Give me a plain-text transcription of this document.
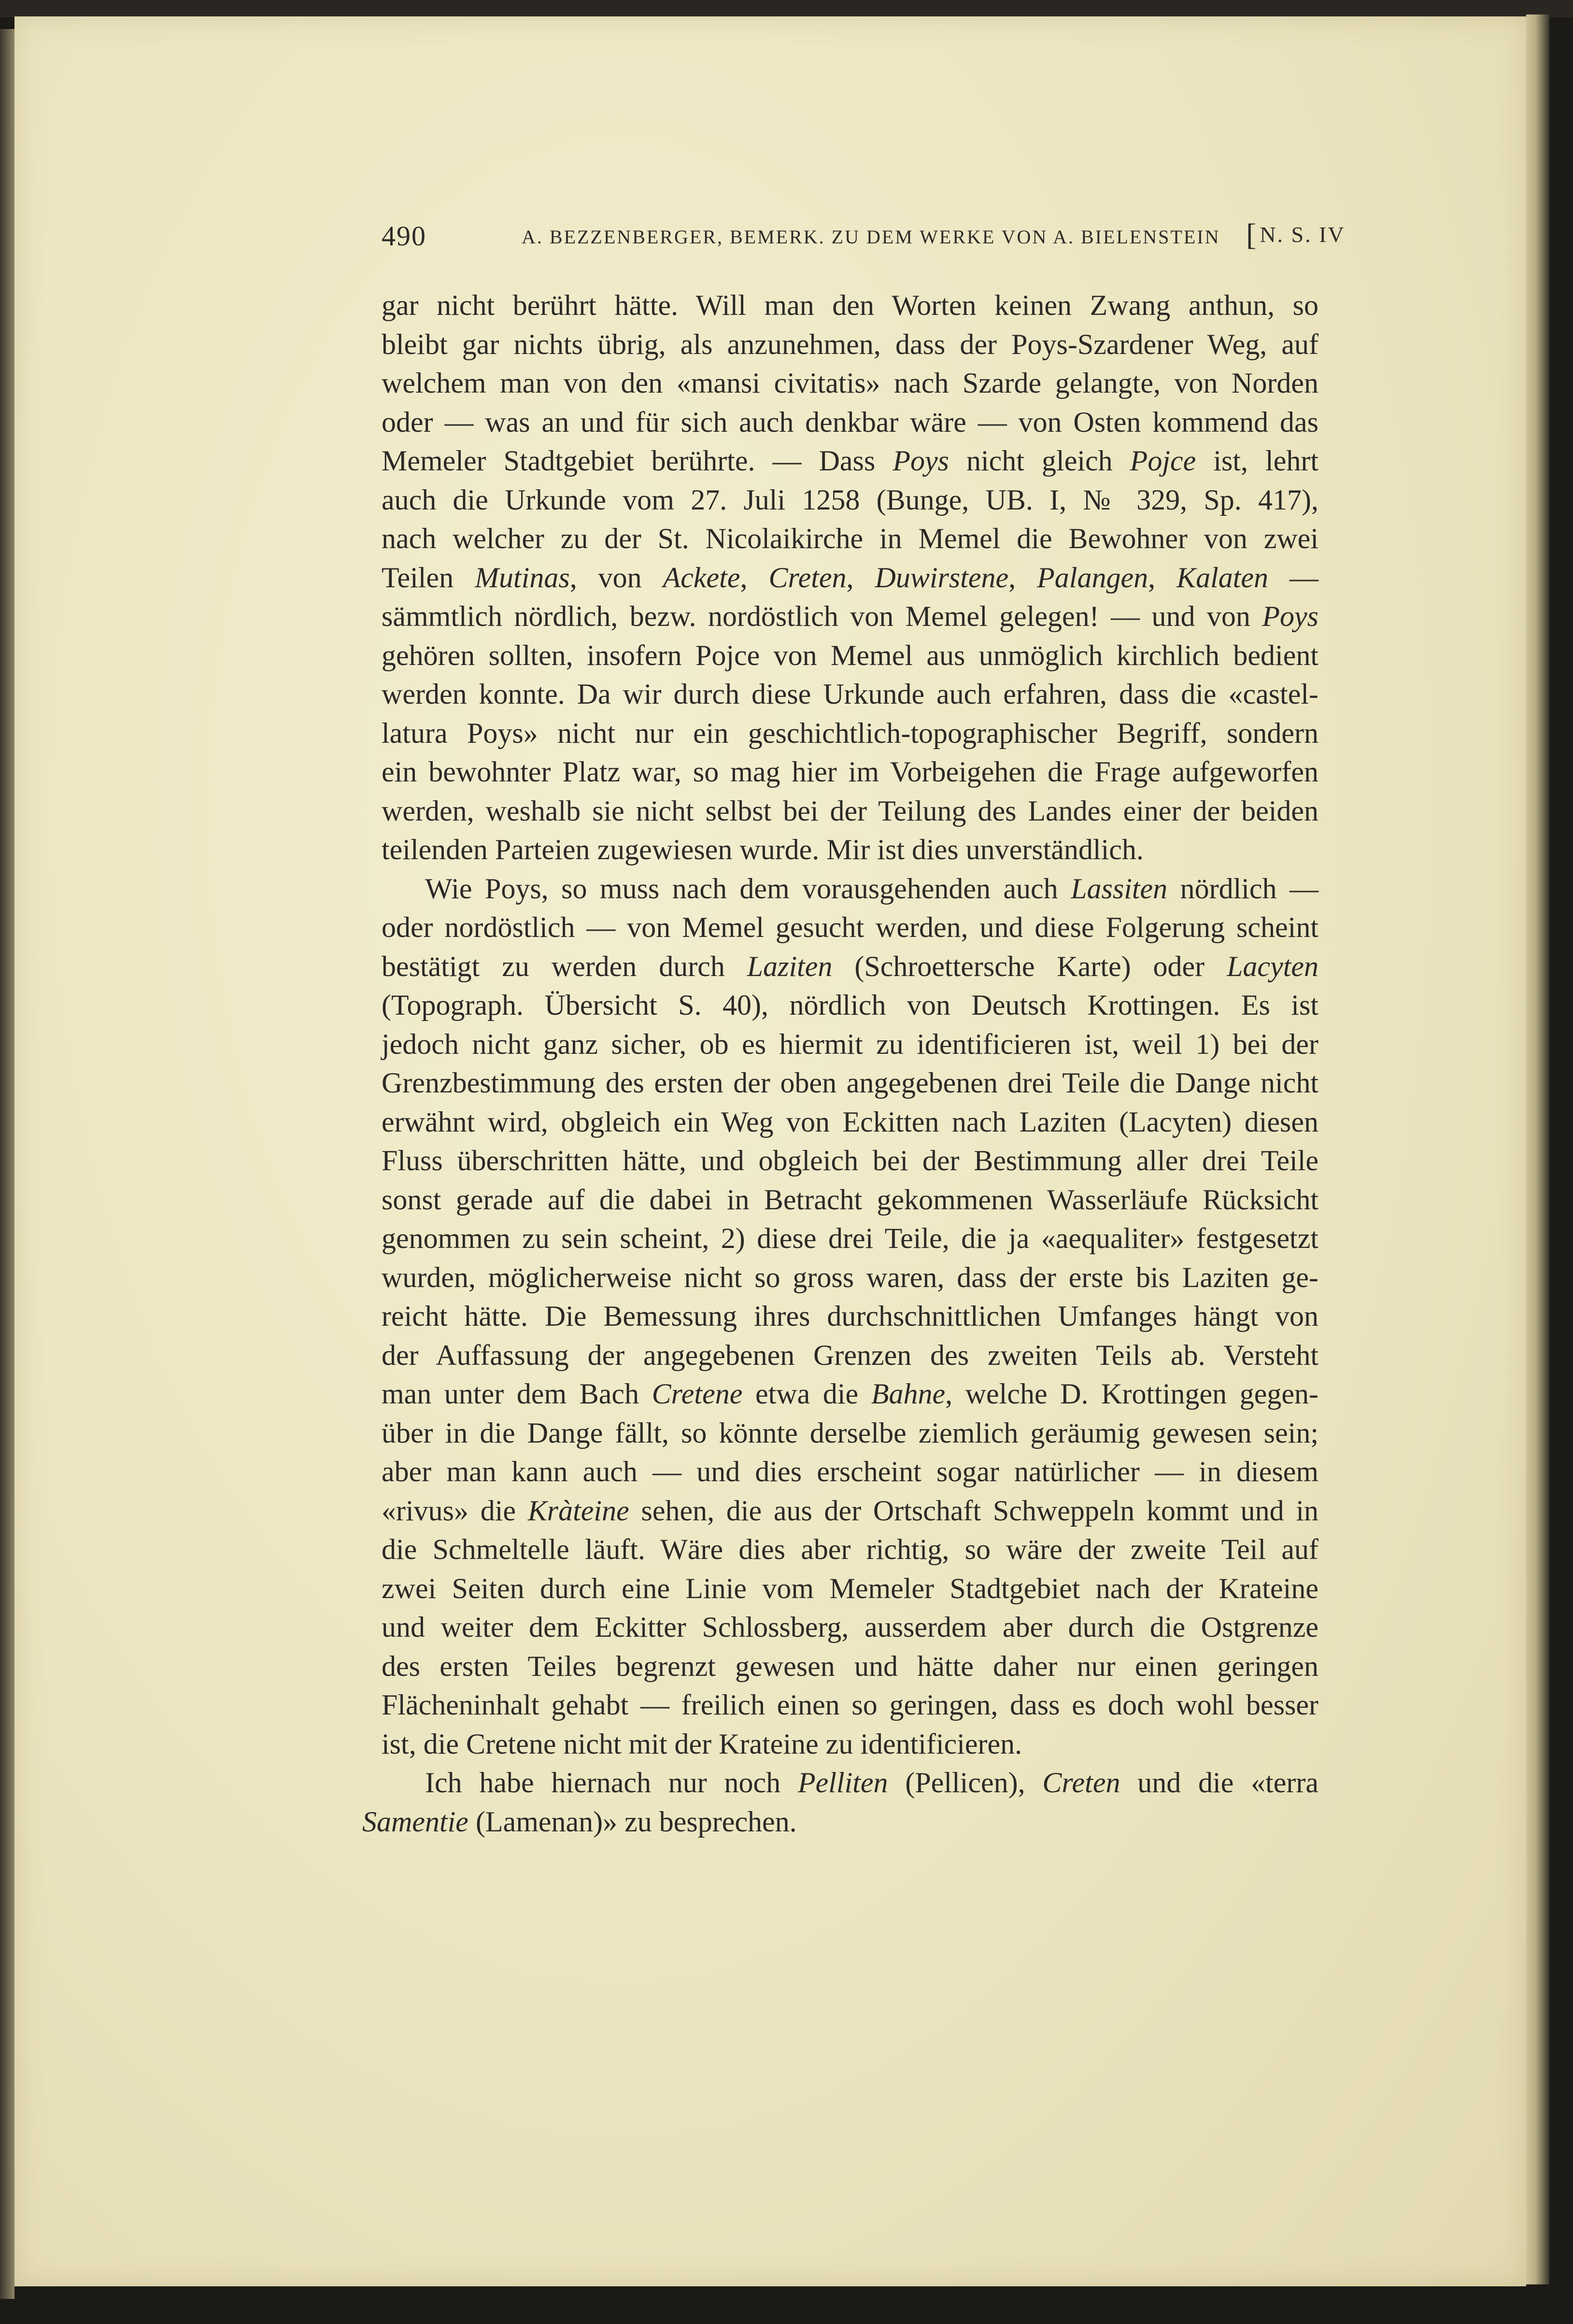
490	A. BEZZENBERGER, BEMERK. ZU DEM WERKE VON A. BIELENSTEIN [N. S. IV
gar nicht berührt hätte. Will man den Worten keinen Zwang anthun, so
bleibt gar nichts übrig, als anzunehmen, dass der Poys-Szardener Weg, auf
welchem man von den «mansi civitatis» nach Szarde gelangte, von Norden
oder — was an und für sich auch denkbar wäre — von Osten kommend das
Memeler Stadtgebiet berührte. — Dass Poys nicht gleich Pojce ist, lehrt
auch die Urkunde vom 27. Juli 1258 (Bunge, UB. I, № 329, Sp. 417),
nach welcher zu der St. Nicolaikirche in Memel die Bewohner von zwei
Teilen Mutinas, von Ackete, Creten, Duwirstene, Palangen, Kalaten —
sämmtlich nördlich, bezw. nordöstlich von Memel gelegen! — und von Poys
gehören sollten, insofern Pojce von Memel aus unmöglich kirchlich bedient
werden konnte. Da wir durch diese Urkunde auch erfahren, dass die «castel-
latura Poys» nicht nur ein geschichtlich-topographischer Begriff, sondern
ein bewohnter Platz war, so mag hier im Vorbeigehen die Frage aufgeworfen
werden, weshalb sie nicht selbst bei der Teilung des Landes einer der beiden
teilenden Parteien zugewiesen wurde. Mir ist dies unverständlich.
Wie Poys, so muss nach dem vorausgehenden auch Lassiten nördlich —
oder nordöstlich — von Memel gesucht werden, und diese Folgerung scheint
bestätigt zu werden durch Laziten (Schroettersche Karte) oder Lacyten
(Topograph. Übersicht S. 40), nördlich von Deutsch Krottingen. Es ist
jedoch nicht ganz sicher, ob es hiermit zu identificieren ist, weil 1) bei der
Grenzbestimmung des ersten der oben angegebenen drei Teile die Dange nicht
erwähnt wird, obgleich ein Weg von Eckitten nach Laziten (Lacyten) diesen
Fluss überschritten hätte, und obgleich bei der Bestimmung aller drei Teile
sonst gerade auf die dabei in Betracht gekommenen Wasserläufe Rücksicht
genommen zu sein scheint, 2) diese drei Teile, die ja «aequaliter» festgesetzt
wurden, möglicherweise nicht so gross waren, dass der erste bis Laziten ge-
reicht hätte. Die Bemessung ihres durchschnittlichen Umfanges hängt von
der Auffassung der angegebenen Grenzen des zweiten Teils ab. Versteht
man unter dem Bach Cretene etwa die Bahne, welche D. Krottingen gegen-
über in die Dange fällt, so könnte derselbe ziemlich geräumig gewesen sein;
aber man kann auch — und dies erscheint sogar natürlicher — in diesem
«rivus» die Kràteine sehen, die aus der Ortschaft Schweppeln kommt und in
die Schmeltelle läuft. Wäre dies aber richtig, so wäre der zweite Teil auf
zwei Seiten durch eine Linie vom Memeler Stadtgebiet nach der Krateine
und weiter dem Eckitter Schlossberg, ausserdem aber durch die Ostgrenze
des ersten Teiles begrenzt gewesen und hätte daher nur einen geringen
Flächeninhalt gehabt — freilich einen so geringen, dass es doch wohl besser
ist, die Cretene nicht mit der Krateine zu identificieren.
Ich habe hiernach nur noch Pelliten (Pellicen), Creten und die «terra
Samentie (Lamenan)» zu besprechen.
